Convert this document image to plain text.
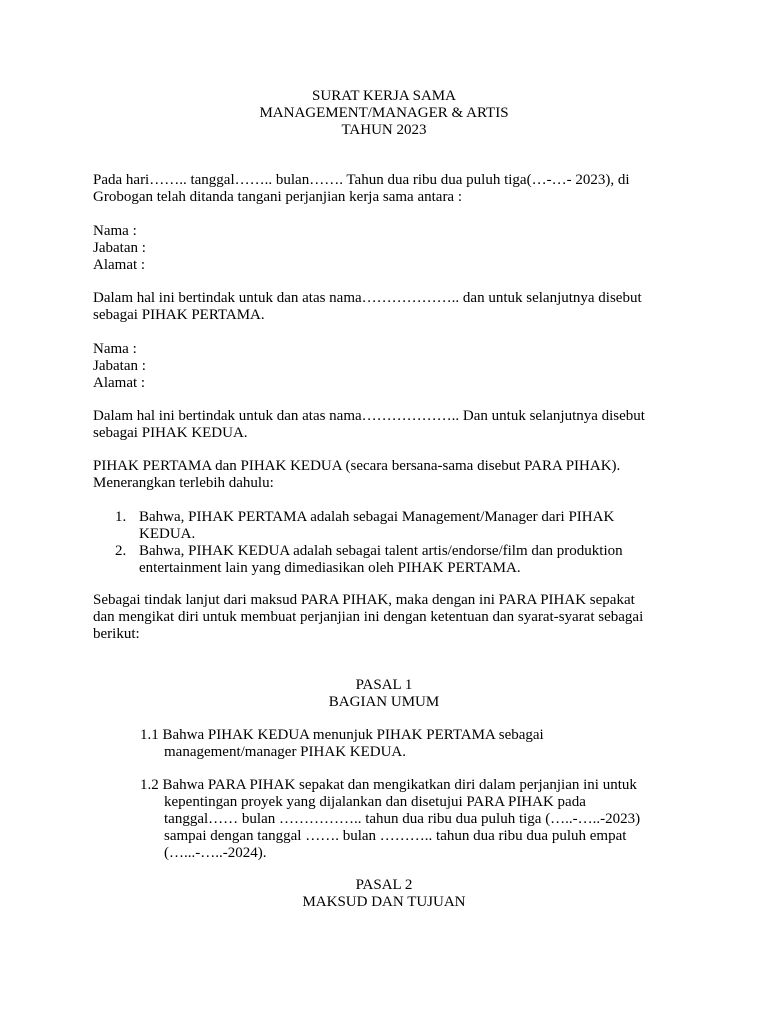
SURAT KERJA SAMA
MANAGEMENT/MANAGER & ARTIS
TAHUN 2023
Pada hari…….. tanggal…….. bulan……. Tahun dua ribu dua puluh tiga(…-…- 2023), di
Grobogan telah ditanda tangani perjanjian kerja sama antara :
Nama :
Jabatan :
Alamat :
Dalam hal ini bertindak untuk dan atas nama……………….. dan untuk selanjutnya disebut
sebagai PIHAK PERTAMA.
Nama :
Jabatan :
Alamat :
Dalam hal ini bertindak untuk dan atas nama……………….. Dan untuk selanjutnya disebut
sebagai PIHAK KEDUA.
PIHAK PERTAMA dan PIHAK KEDUA (secara bersana-sama disebut PARA PIHAK).
Menerangkan terlebih dahulu:
1. Bahwa, PIHAK PERTAMA adalah sebagai Management/Manager dari PIHAK
KEDUA.
2. Bahwa, PIHAK KEDUA adalah sebagai talent artis/endorse/film dan produktion
entertainment lain yang dimediasikan oleh PIHAK PERTAMA.
Sebagai tindak lanjut dari maksud PARA PIHAK, maka dengan ini PARA PIHAK sepakat
dan mengikat diri untuk membuat perjanjian ini dengan ketentuan dan syarat-syarat sebagai
berikut:
PASAL 1
BAGIAN UMUM
1.1 Bahwa PIHAK KEDUA menunjuk PIHAK PERTAMA sebagai
management/manager PIHAK KEDUA.
1.2 Bahwa PARA PIHAK sepakat dan mengikatkan diri dalam perjanjian ini untuk
kepentingan proyek yang dijalankan dan disetujui PARA PIHAK pada
tanggal…… bulan …………….. tahun dua ribu dua puluh tiga (…..-…..-2023)
sampai dengan tanggal ……. bulan ……….. tahun dua ribu dua puluh empat
(…...-…..-2024).
PASAL 2
MAKSUD DAN TUJUAN
